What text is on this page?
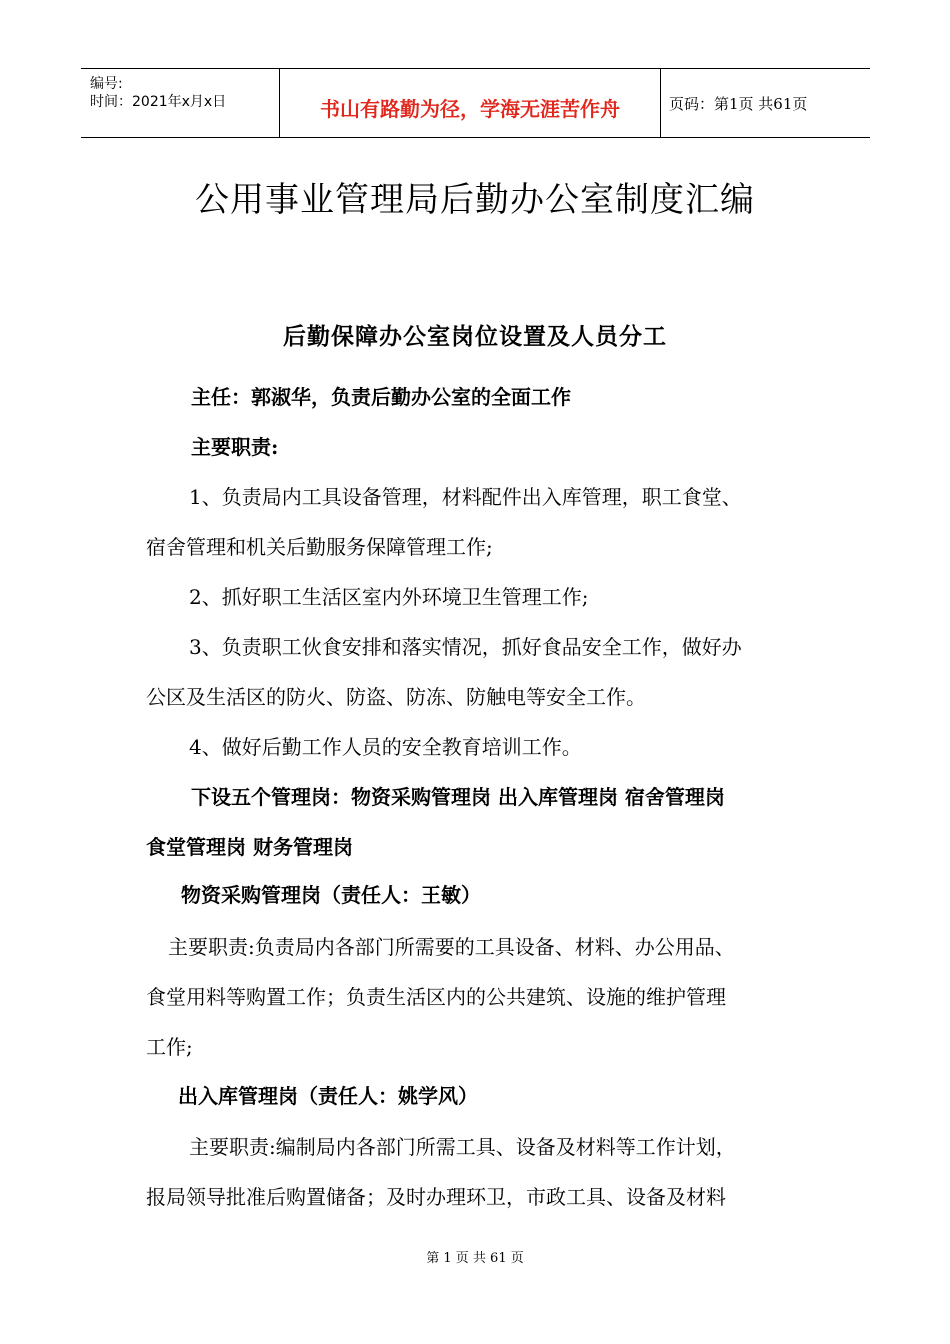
编号:
时间：2021年x月x日	书山有路勤为径，学海无涯苦作舟	页码：第1页 共61页
公用事业管理局后勤办公室制度汇编
后勤保障办公室岗位设置及人员分工
主任：郭淑华，负责后勤办公室的全面工作
主要职责:
1、负责局内工具设备管理，材料配件出入库管理，职工食堂、
宿舍管理和机关后勤服务保障管理工作;
2、抓好职工生活区室内外环境卫生管理工作;
3、负责职工伙食安排和落实情况，抓好食品安全工作，做好办
公区及生活区的防火、防盗、防冻、防触电等安全工作。
4、做好后勤工作人员的安全教育培训工作。
下设五个管理岗：物资采购管理岗 出入库管理岗 宿舍管理岗
食堂管理岗 财务管理岗
物资采购管理岗（责任人：王敏）
主要职责:负责局内各部门所需要的工具设备、材料、办公用品、
食堂用料等购置工作；负责生活区内的公共建筑、设施的维护管理
工作;
出入库管理岗（责任人：姚学风）
主要职责:编制局内各部门所需工具、设备及材料等工作计划，
报局领导批准后购置储备；及时办理环卫，市政工具、设备及材料
第 1 页 共 61 页
